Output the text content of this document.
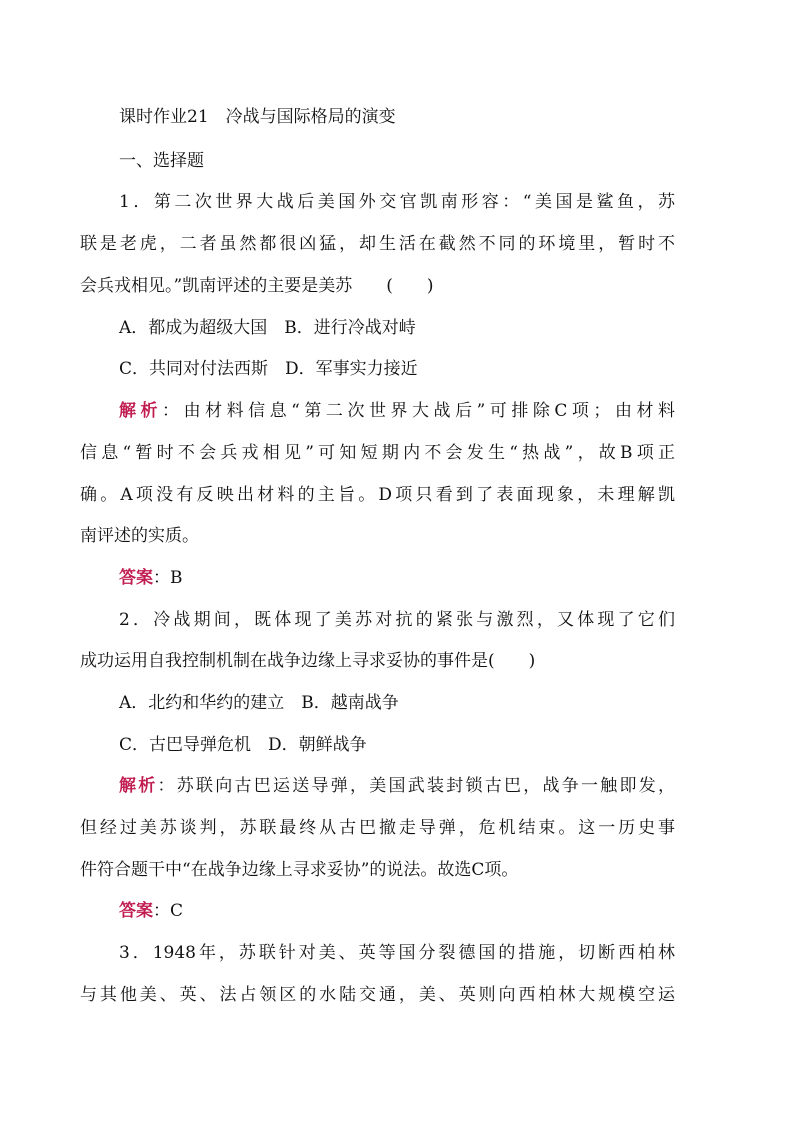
课时作业21　冷战与国际格局的演变
一、选择题
1．第二次世界大战后美国外交官凯南形容：“美国是鲨鱼，苏
联是老虎，二者虽然都很凶猛，却生活在截然不同的环境里，暂时不
会兵戎相见。”凯南评述的主要是美苏　　(　　)
A．都成为超级大国　B．进行冷战对峙
C．共同对付法西斯　D．军事实力接近
解析：由材料信息“第二次世界大战后”可排除C项；由材料
信息“暂时不会兵戎相见”可知短期内不会发生“热战”，故B项正
确。A项没有反映出材料的主旨。D项只看到了表面现象，未理解凯
南评述的实质。
答案：B
2．冷战期间，既体现了美苏对抗的紧张与激烈，又体现了它们
成功运用自我控制机制在战争边缘上寻求妥协的事件是(　　)
A．北约和华约的建立　B．越南战争
C．古巴导弹危机　D．朝鲜战争
解析：苏联向古巴运送导弹，美国武装封锁古巴，战争一触即发，
但经过美苏谈判，苏联最终从古巴撤走导弹，危机结束。这一历史事
件符合题干中“在战争边缘上寻求妥协”的说法。故选C项。
答案：C
3．1948年，苏联针对美、英等国分裂德国的措施，切断西柏林
与其他美、英、法占领区的水陆交通，美、英则向西柏林大规模空运
